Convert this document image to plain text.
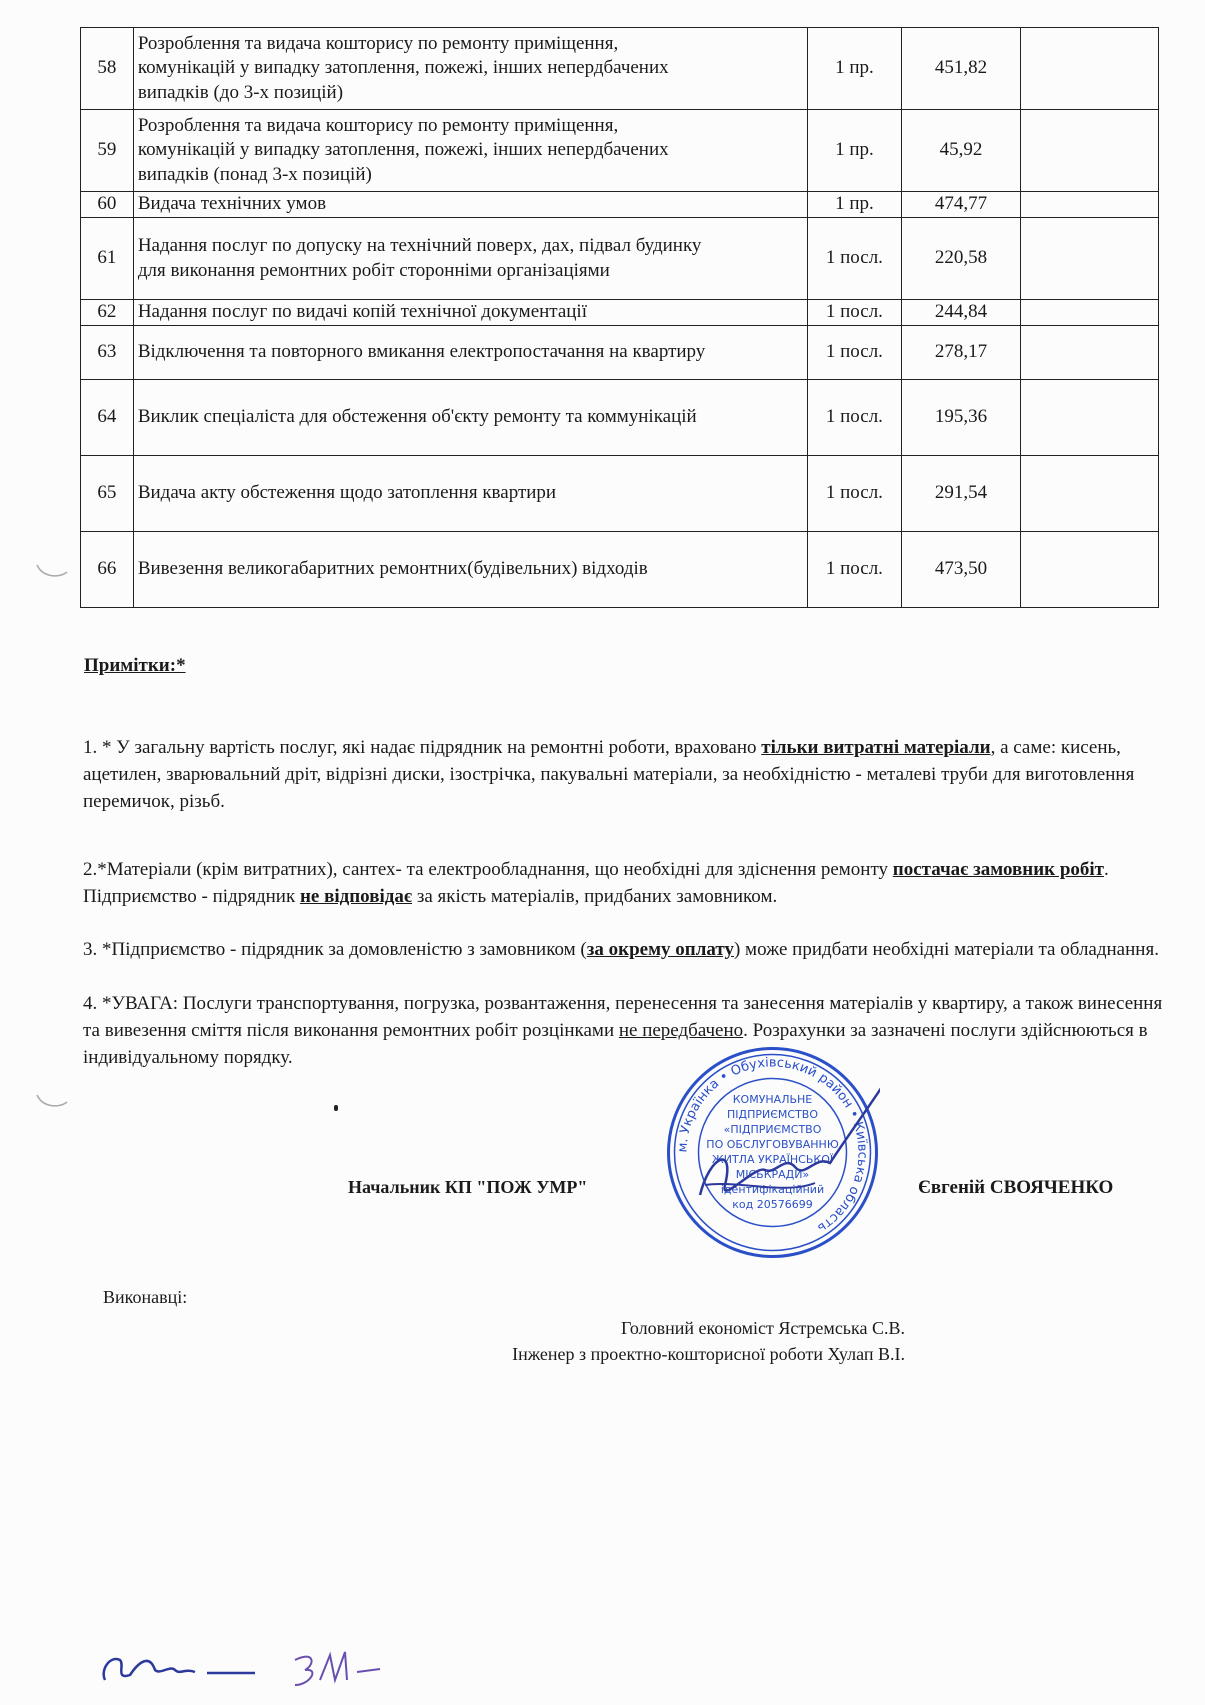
58	Розроблення та видача кошторису по ремонту приміщення,
комунікацій у випадку затоплення, пожежі, інших непердбачених
випадків (до 3-х позицій)	1 пр.	451,82	
59	Розроблення та видача кошторису по ремонту приміщення,
комунікацій у випадку затоплення, пожежі, інших непердбачених
випадків (понад 3-х позицій)	1 пр.	45,92	
60	Видача технічних умов	1 пр.	474,77	
61	Надання послуг по допуску на технічний поверх, дах, підвал будинку
для виконання ремонтних робіт сторонніми організаціями	1 посл.	220,58	
62	Надання послуг по видачі копій технічної документації	1 посл.	244,84	
63	Відключення та повторного вмикання електропостачання на квартиру	1 посл.	278,17	
64	Виклик спеціаліста для обстеження об'єкту ремонту та коммунікацій	1 посл.	195,36	
65	Видача акту обстеження щодо затоплення квартири	1 посл.	291,54	
66	Вивезення великогабаритних ремонтних(будівельних) відходів	1 посл.	473,50	
Примітки:*
1. * У загальну вартість послуг, які надає підрядник на ремонтні роботи, враховано тільки витратні матеріали, а саме: кисень, ацетилен, зварювальний дріт, відрізні диски, ізострічка, пакувальні матеріали, за необхідністю - металеві труби для виготовлення перемичок, різьб.
2.*Матеріали (крім витратних), сантех- та електрообладнання, що необхідні для здіснення ремонту постачає замовник робіт. Підприємство - підрядник не відповідає за якість матеріалів, придбаних замовником.
3. *Підприємство - підрядник за домовленістю з замовником (за окрему оплату) може придбати необхідні матеріали та обладнання.
4. *УВАГА: Послуги транспортування, погрузка, розвантаження, перенесення та занесення матеріалів у квартиру, а також винесення та вивезення сміття після виконання ремонтних робіт розцінками не передбачено. Розрахунки за зазначені послуги здійснюються в індивідуальному порядку.
Начальник КП "ПОЖ УМР"	Євгеній СВОЯЧЕНКО
м. Українка • Обухівський район • Київська область
КОМУНАЛЬНЕ
ПІДПРИЄМСТВО
«ПІДПРИЄМСТВО
ПО ОБСЛУГОВУВАННЮ
ЖИТЛА УКРАЇНСЬКОЇ
МІСЬКРАДИ»
ідентифікаційний
код 20576699
Виконавці:
Головний економіст Ястремська С.В.
Інженер з проектно-кошторисної роботи Хулап В.І.
